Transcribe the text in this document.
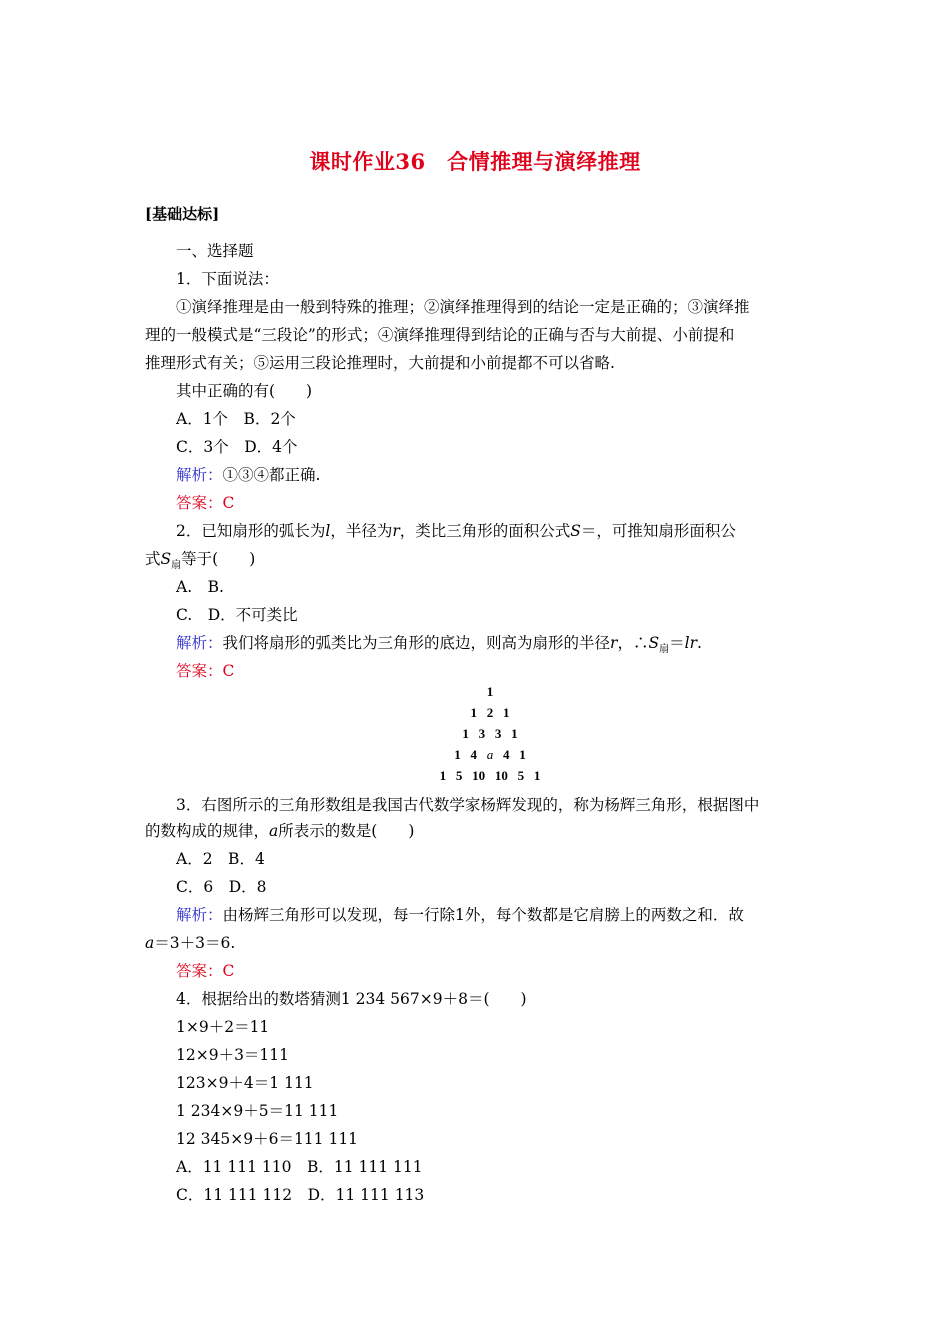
课时作业36　合情推理与演绎推理
[基础达标]
一、选择题
1．下面说法：
①演绎推理是由一般到特殊的推理；②演绎推理得到的结论一定是正确的；③演绎推
理的一般模式是“三段论”的形式；④演绎推理得到结论的正确与否与大前提、小前提和
推理形式有关；⑤运用三段论推理时，大前提和小前提都不可以省略.
其中正确的有(　　)
A．1个　B．2个
C．3个　D．4个
解析：①③④都正确.
答案：C
2．已知扇形的弧长为l，半径为r，类比三角形的面积公式S＝，可推知扇形面积公
式$S_扇$等于(　　)
A.　B.
C.　D．不可类比
解析：我们将扇形的弧类比为三角形的底边，则高为扇形的半径r，$\therefore S_扇=lr$.
答案：C
1
1   2   1
1   3   3   1
1   4   a   4   1
1   5   10   10   5   1
3．右图所示的三角形数组是我国古代数学家杨辉发现的，称为杨辉三角形，根据图中
的数构成的规律，a所表示的数是(　　)
A．2　B．4
C．6　D．8
解析：由杨辉三角形可以发现，每一行除1外，每个数都是它肩膀上的两数之和．故
a＝3＋3＝6.
答案：C
4．根据给出的数塔猜测1 234 567×9＋8＝(　　)
1×9＋2＝11
12×9＋3＝111
123×9＋4＝1 111
1 234×9＋5＝11 111
12 345×9＋6＝111 111
A．11 111 110　B．11 111 111
C．11 111 112　D．11 111 113
